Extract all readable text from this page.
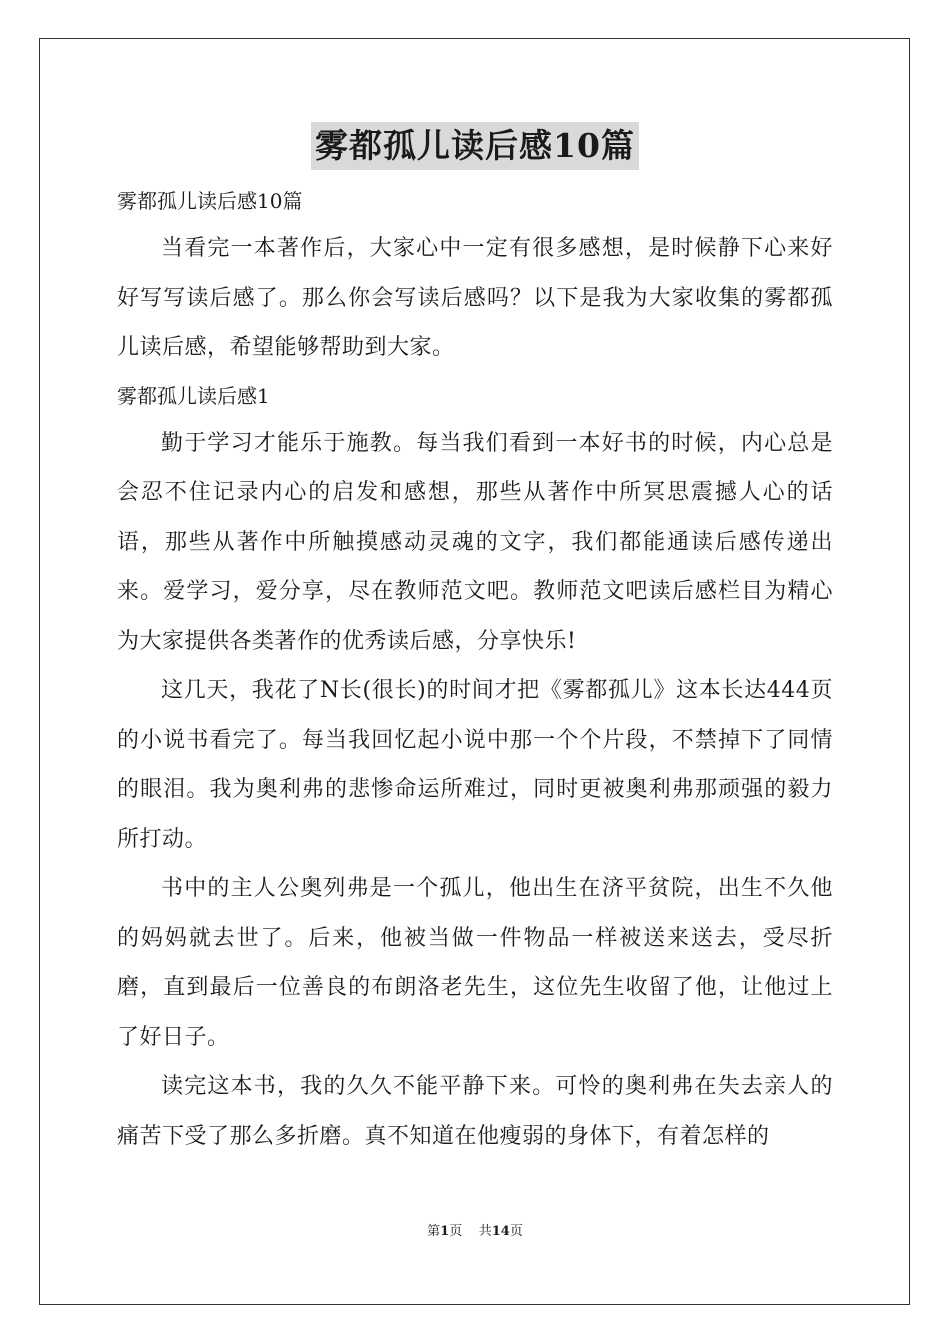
雾都孤儿读后感10篇

雾都孤儿读后感10篇

当看完一本著作后，大家心中一定有很多感想，是时候静下心来好好写写读后感了。那么你会写读后感吗？以下是我为大家收集的雾都孤儿读后感，希望能够帮助到大家。

雾都孤儿读后感1

勤于学习才能乐于施教。每当我们看到一本好书的时候，内心总是会忍不住记录内心的启发和感想，那些从著作中所冥思震撼人心的话语，那些从著作中所触摸感动灵魂的文字，我们都能通读后感传递出来。爱学习，爱分享，尽在教师范文吧。教师范文吧读后感栏目为精心为大家提供各类著作的优秀读后感，分享快乐!

这几天，我花了N长(很长)的时间才把《雾都孤儿》这本长达444页的小说书看完了。每当我回忆起小说中那一个个片段，不禁掉下了同情的眼泪。我为奥利弗的悲惨命运所难过，同时更被奥利弗那顽强的毅力所打动。

书中的主人公奥列弗是一个孤儿，他出生在济平贫院，出生不久他的妈妈就去世了。后来，他被当做一件物品一样被送来送去，受尽折磨，直到最后一位善良的布朗洛老先生，这位先生收留了他，让他过上了好日子。

读完这本书，我的久久不能平静下来。可怜的奥利弗在失去亲人的痛苦下受了那么多折磨。真不知道在他瘦弱的身体下，有着怎样的

第1页 共14页
